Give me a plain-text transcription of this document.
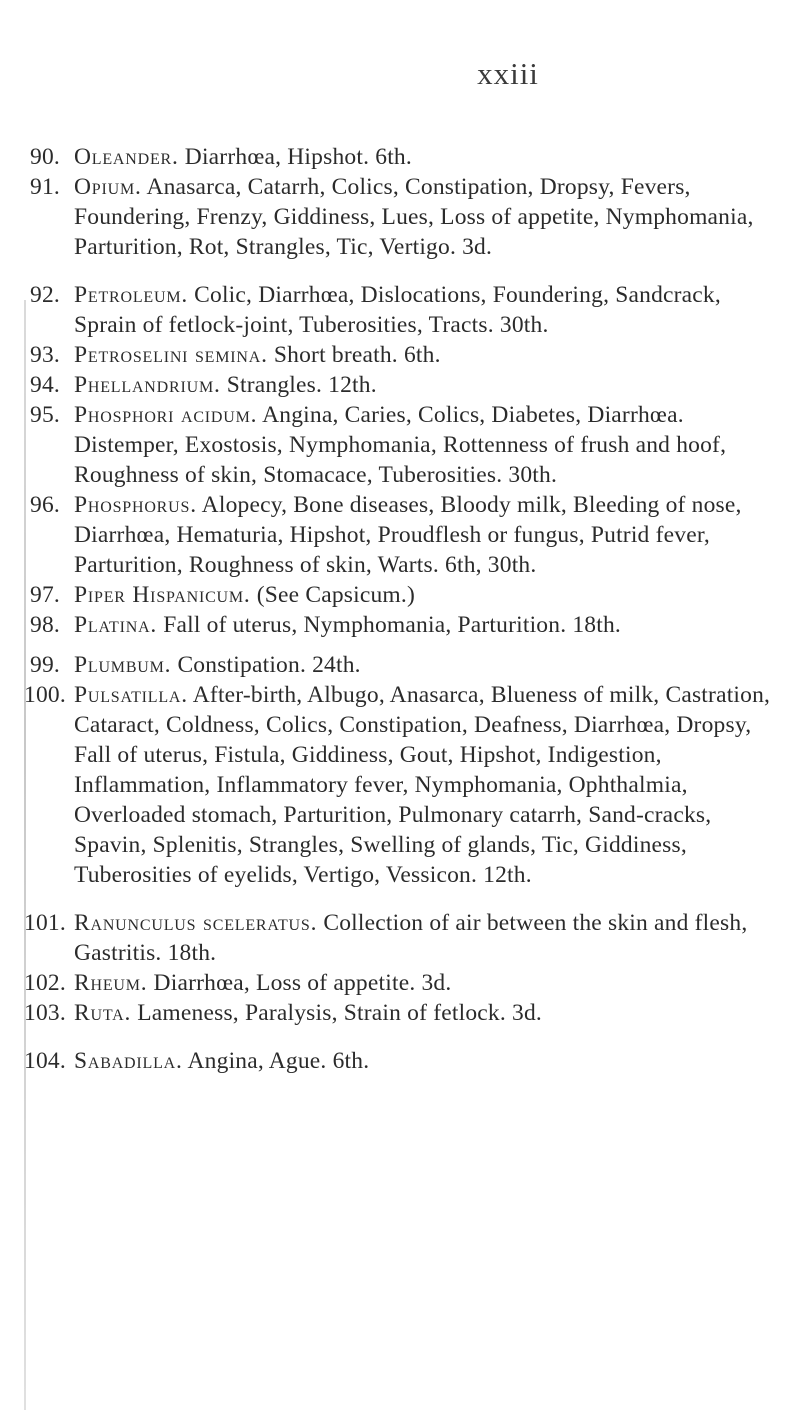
xxiii
90. Oleander. Diarrhœa, Hipshot. 6th.
91. Opium. Anasarca, Catarrh, Colics, Constipation, Dropsy, Fevers, Foundering, Frenzy, Giddiness, Lues, Loss of appetite, Nymphomania, Parturition, Rot, Strangles, Tic, Vertigo. 3d.
92. Petroleum. Colic, Diarrhœa, Dislocations, Foundering, Sandcrack, Sprain of fetlock-joint, Tuberosities, Tracts. 30th.
93. Petroselini semina. Short breath. 6th.
94. Phellandrium. Strangles. 12th.
95. Phosphori acidum. Angina, Caries, Colics, Diabetes, Diarrhœa. Distemper, Exostosis, Nymphomania, Rottenness of frush and hoof, Roughness of skin, Stomacace, Tuberosities. 30th.
96. Phosphorus. Alopecy, Bone diseases, Bloody milk, Bleeding of nose, Diarrhœa, Hematuria, Hipshot, Proudflesh or fungus, Putrid fever, Parturition, Roughness of skin, Warts. 6th, 30th.
97. Piper Hispanicum. (See Capsicum.)
98. Platina. Fall of uterus, Nymphomania, Parturition. 18th.
99. Plumbum. Constipation. 24th.
100. Pulsatilla. After-birth, Albugo, Anasarca, Blueness of milk, Castration, Cataract, Coldness, Colics, Constipation, Deafness, Diarrhœa, Dropsy, Fall of uterus, Fistula, Giddiness, Gout, Hipshot, Indigestion, Inflammation, Inflammatory fever, Nymphomania, Ophthalmia, Overloaded stomach, Parturition, Pulmonary catarrh, Sand-cracks, Spavin, Splenitis, Strangles, Swelling of glands, Tic, Giddiness, Tuberosities of eyelids, Vertigo, Vessicon. 12th.
101. Ranunculus sceleratus. Collection of air between the skin and flesh, Gastritis. 18th.
102. Rheum. Diarrhœa, Loss of appetite. 3d.
103. Ruta. Lameness, Paralysis, Strain of fetlock. 3d.
104. Sabadilla. Angina, Ague. 6th.
